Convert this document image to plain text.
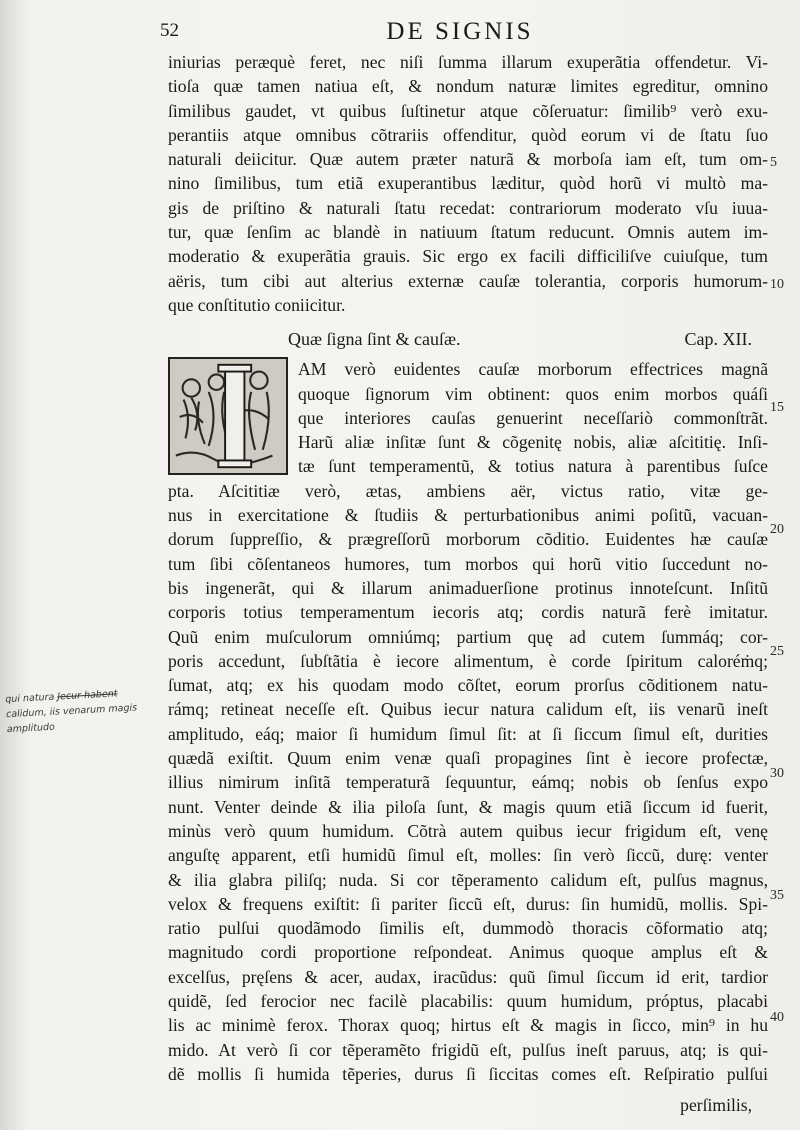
52	DE SIGNIS
iniurias peræquè feret, nec niſi ſumma illarum exuperãtia offendetur. Vi-
tioſa quæ tamen natiua eſt, & nondum naturæ limites egreditur, omnino
ſimilibus gaudet, vt quibus ſuſtinetur atque cõſeruatur: ſimilib⁹ verò exu-
perantiis atque omnibus cõtrariis offenditur, quòd eorum vi de ſtatu ſuo
naturali deiicitur. Quæ autem præter naturã & morboſa iam eſt, tum om-
nino ſimilibus, tum etiã exuperantibus læditur, quòd horũ vi multò ma-
gis de priſtino & naturali ſtatu recedat: contrariorum moderato vſu iuua-
tur, quæ ſenſim ac blandè in natiuum ſtatum reducunt. Omnis autem im-
moderatio & exuperãtia grauis. Sic ergo ex facili difficiliſve cuiuſque, tum
aëris, tum cibi aut alterius externæ cauſæ tolerantia, corporis humorum-
que conſtitutio coniicitur.
Quæ ſigna ſint & cauſæ.	Cap. XII.
AM verò euidentes cauſæ morborum effectrices magnã
quoque ſignorum vim obtinent: quos enim morbos quáſi
que interiores cauſas genuerint neceſſariò commonſtrãt.
Harũ aliæ inſitæ ſunt & cõgenitę nobis, aliæ aſcititię. Inſi-
tæ ſunt temperamentũ, & totius natura à parentibus ſuſce
pta. Aſcititiæ verò, ætas, ambiens aër, victus ratio, vitæ ge-
nus in exercitatione & ſtudiis & perturbationibus animi poſitũ, vacuan-
dorum ſuppreſſio, & prægreſſorũ morborum cõditio. Euidentes hæ cauſæ
tum ſibi cõſentaneos humores, tum morbos qui horũ vitio ſuccedunt no-
bis ingenerãt, qui & illarum animaduerſione protinus innoteſcunt. Inſitũ
corporis totius temperamentum iecoris atq; cordis naturã ferè imitatur.
Quũ enim muſculorum omniúmq; partium quę ad cutem ſummáq; cor-
poris accedunt, ſubſtãtia è iecore alimentum, è corde ſpiritum caloréṁq;
ſumat, atq; ex his quodam modo cõſtet, eorum prorſus cõditionem natu-
rámq; retineat neceſſe eſt. Quibus iecur natura calidum eſt, iis venarũ ineſt
amplitudo, eáq; maior ſi humidum ſimul ſit: at ſi ſiccum ſimul eſt, durities
quædã exiſtit. Quum enim venæ quaſi propagines ſint è iecore profectæ,
illius nimirum inſitã temperaturã ſequuntur, eámq; nobis ob ſenſus expo
nunt. Venter deinde & ilia piloſa ſunt, & magis quum etiã ſiccum id fuerit,
minùs verò quum humidum. Cõtrà autem quibus iecur frigidum eſt, venę
anguſtę apparent, etſi humidũ ſimul eſt, molles: ſin verò ſiccũ, durę: venter
& ilia glabra piliſq; nuda. Si cor tẽperamento calidum eſt, pulſus magnus,
velox & frequens exiſtit: ſi pariter ſiccũ eſt, durus: ſin humidũ, mollis. Spi-
ratio pulſui quodãmodo ſimilis eſt, dummodò thoracis cõformatio atq;
magnitudo cordi proportione reſpondeat. Animus quoque amplus eſt &
excelſus, pręſens & acer, audax, iracũdus: quũ ſimul ſiccum id erit, tardior
quidẽ, ſed ferocior nec facilè placabilis: quum humidum, próptus, placabi
lis ac minimè ferox. Thorax quoq; hirtus eſt & magis in ſicco, min⁹ in hu
mido. At verò ſi cor tẽperamẽto frigidũ eſt, pulſus ineſt paruus, atq; is qui-
dẽ mollis ſi humida tẽperies, durus ſi ſiccitas comes eſt. Reſpiratio pulſui
5
10
15
20
25
30
35
40
qui natura Jecur habent
calidum, iis venarum magis
amplitudo
perſimilis,
